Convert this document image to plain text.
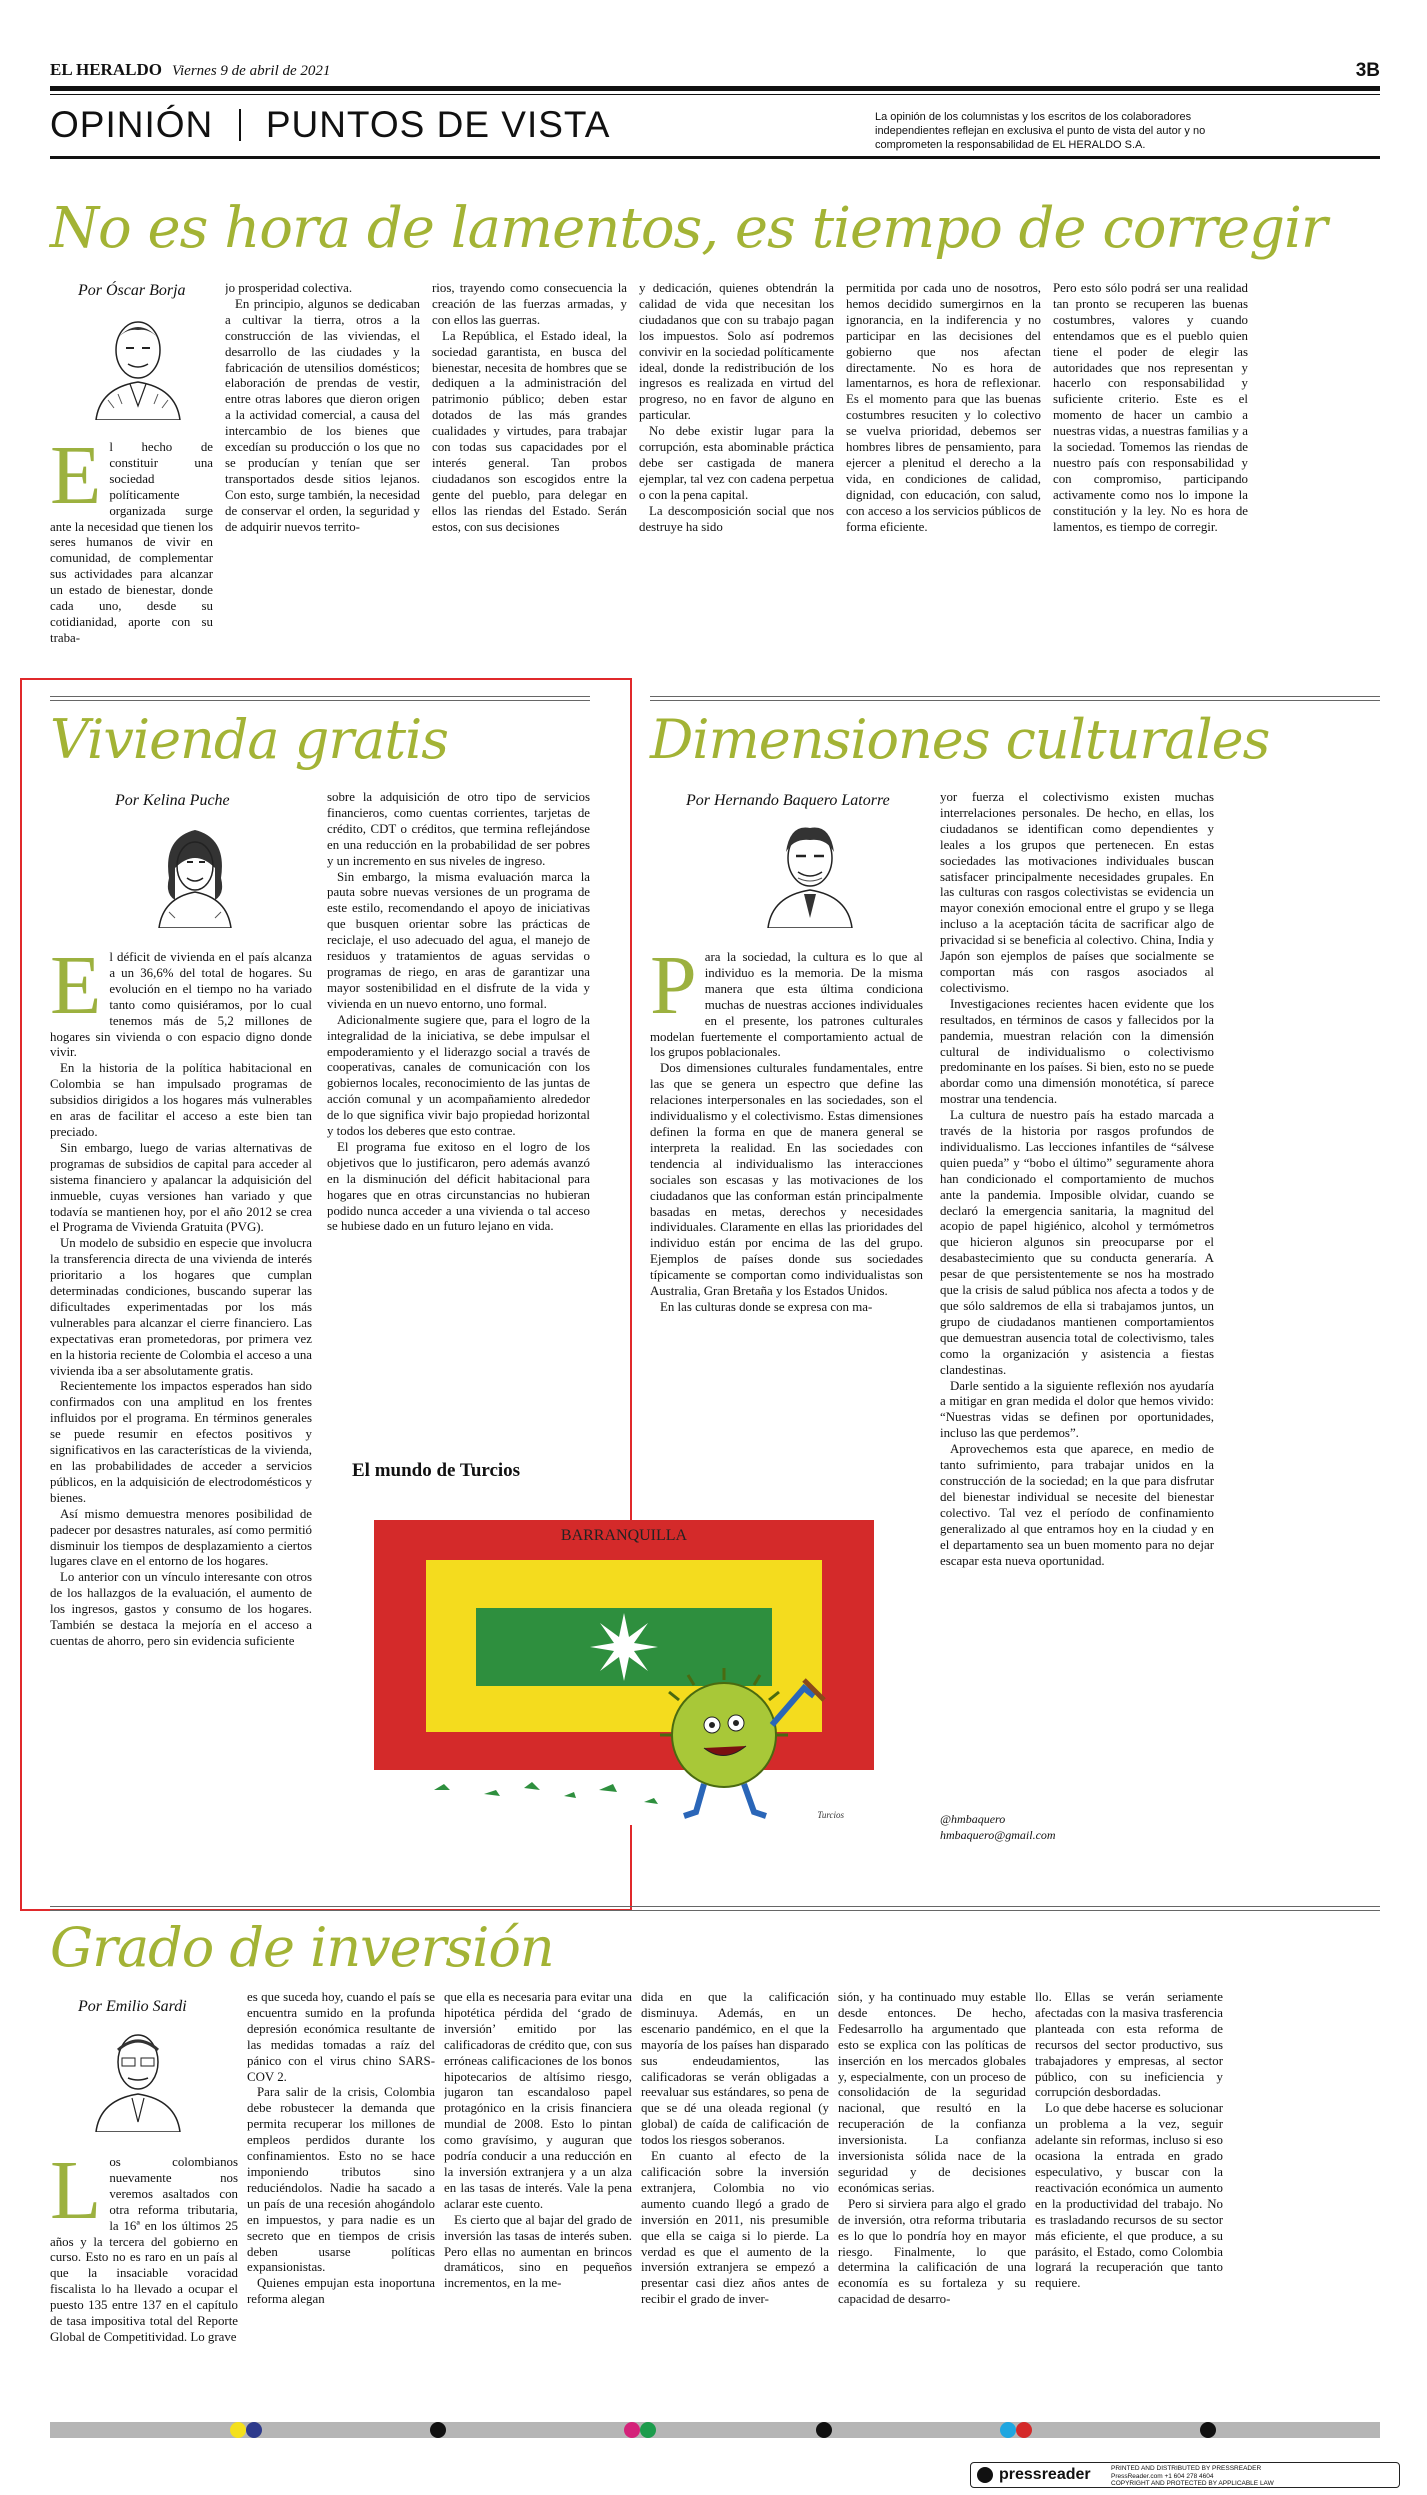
EL HERALDO Viernes 9 de abril de 2021	3B
OPINIÓN PUNTOS DE VISTA	La opinión de los columnistas y los escritos de los colaboradores independientes reflejan en exclusiva el punto de vista del autor y no comprometen la responsabilidad de EL HERALDO S.A.
No es hora de lamentos, es tiempo de corregir
Por Óscar Borja

El hecho de constituir una sociedad políticamente organizada surge ante la necesidad que tienen los seres humanos de vivir en comunidad, de complementar sus actividades para alcanzar un estado de bienestar, donde cada uno, desde su cotidianidad, aporte con su traba-

jo prosperidad colectiva.

En principio, algunos se dedicaban a cultivar la tierra, otros a la construcción de las viviendas, el desarrollo de las ciudades y la fabricación de utensilios domésticos; elaboración de prendas de vestir, entre otras labores que dieron origen a la actividad comercial, a causa del intercambio de los bienes que excedían su producción o los que no se producían y tenían que ser transportados desde sitios lejanos. Con esto, surge también, la necesidad de conservar el orden, la seguridad y de adquirir nuevos territo-

rios, trayendo como consecuencia la creación de las fuerzas armadas, y con ellos las guerras.

La República, el Estado ideal, la sociedad garantista, en busca del bienestar, necesita de hombres que se dediquen a la administración del patrimonio público; deben estar dotados de las más grandes cualidades y virtudes, para trabajar con todas sus capacidades por el interés general. Tan probos ciudadanos son escogidos entre la gente del pueblo, para delegar en ellos las riendas del Estado. Serán estos, con sus decisiones

y dedicación, quienes obtendrán la calidad de vida que necesitan los ciudadanos que con su trabajo pagan los impuestos. Solo así podremos convivir en la sociedad políticamente ideal, donde la redistribución de los ingresos es realizada en virtud del progreso, no en favor de alguno en particular.

No debe existir lugar para la corrupción, esta abominable práctica debe ser castigada de manera ejemplar, tal vez con cadena perpetua o con la pena capital.

La descomposición social que nos destruye ha sido

permitida por cada uno de nosotros, hemos decidido sumergirnos en la ignorancia, en la indiferencia y no participar en las decisiones del gobierno que nos afectan directamente. No es hora de lamentarnos, es hora de reflexionar. Es el momento para que las buenas costumbres resuciten y lo colectivo se vuelva prioridad, debemos ser hombres libres de pensamiento, para ejercer a plenitud el derecho a la vida, en condiciones de calidad, dignidad, con educación, con salud, con acceso a los servicios públicos de forma eficiente.

Pero esto sólo podrá ser una realidad tan pronto se recuperen las buenas costumbres, valores y cuando entendamos que es el pueblo quien tiene el poder de elegir las autoridades que nos representan y hacerlo con responsabilidad y suficiente criterio. Este es el momento de hacer un cambio a nuestras vidas, a nuestras familias y a la sociedad. Tomemos las riendas de nuestro país con responsabilidad y con compromiso, participando activamente como nos lo impone la constitución y la ley. No es hora de lamentos, es tiempo de corregir.

Vivienda gratis
Por Kelina Puche

El déficit de vivienda en el país alcanza a un 36,6% del total de hogares. Su evolución en el tiempo no ha variado tanto como quisiéramos, por lo cual tenemos más de 5,2 millones de hogares sin vivienda o con espacio digno donde vivir.

En la historia de la política habitacional en Colombia se han impulsado programas de subsidios dirigidos a los hogares más vulnerables en aras de facilitar el acceso a este bien tan preciado.

Sin embargo, luego de varias alternativas de programas de subsidios de capital para acceder al sistema financiero y apalancar la adquisición del inmueble, cuyas versiones han variado y que todavía se mantienen hoy, por el año 2012 se crea el Programa de Vivienda Gratuita (PVG).

Un modelo de subsidio en especie que involucra la transferencia directa de una vivienda de interés prioritario a los hogares que cumplan determinadas condiciones, buscando superar las dificultades experimentadas por los más vulnerables para alcanzar el cierre financiero. Las expectativas eran prometedoras, por primera vez en la historia reciente de Colombia el acceso a una vivienda iba a ser absolutamente gratis.

Recientemente los impactos esperados han sido confirmados con una amplitud en los frentes influidos por el programa. En términos generales se puede resumir en efectos positivos y significativos en las características de la vivienda, en las probabilidades de acceder a servicios públicos, en la adquisición de electrodomésticos y bienes.

Así mismo demuestra menores posibilidad de padecer por desastres naturales, así como permitió disminuir los tiempos de desplazamiento a ciertos lugares clave en el entorno de los hogares.

Lo anterior con un vínculo interesante con otros de los hallazgos de la evaluación, el aumento de los ingresos, gastos y consumo de los hogares. También se destaca la mejoría en el acceso a cuentas de ahorro, pero sin evidencia suficiente

sobre la adquisición de otro tipo de servicios financieros, como cuentas corrientes, tarjetas de crédito, CDT o créditos, que termina reflejándose en una reducción en la probabilidad de ser pobres y un incremento en sus niveles de ingreso.

Sin embargo, la misma evaluación marca la pauta sobre nuevas versiones de un programa de este estilo, recomendando el apoyo de iniciativas que busquen orientar sobre las prácticas de reciclaje, el uso adecuado del agua, el manejo de residuos y tratamientos de aguas servidas o programas de riego, en aras de garantizar una mayor sostenibilidad en el disfrute de la vida y vivienda en un nuevo entorno, uno formal.

Adicionalmente sugiere que, para el logro de la integralidad de la iniciativa, se debe impulsar el empoderamiento y el liderazgo social a través de cooperativas, canales de comunicación con los gobiernos locales, reconocimiento de las juntas de acción comunal y un acompañamiento alrededor de lo que significa vivir bajo propiedad horizontal y todos los deberes que esto contrae.

El programa fue exitoso en el logro de los objetivos que lo justificaron, pero además avanzó en la disminución del déficit habitacional para hogares que en otras circunstancias no hubieran podido nunca acceder a una vivienda o tal acceso se hubiese dado en un futuro lejano en vida.

El mundo de Turcios
BARRANQUILLA
Turcios
Dimensiones culturales
Por Hernando Baquero Latorre

Para la sociedad, la cultura es lo que al individuo es la memoria. De la misma manera que esta última condiciona muchas de nuestras acciones individuales en el presente, los patrones culturales modelan fuertemente el comportamiento actual de los grupos poblacionales.

Dos dimensiones culturales fundamentales, entre las que se genera un espectro que define las relaciones interpersonales en las sociedades, son el individualismo y el colectivismo. Estas dimensiones definen la forma en que de manera general se interpreta la realidad. En las sociedades con tendencia al individualismo las interacciones sociales son escasas y las motivaciones de los ciudadanos que las conforman están principalmente basadas en metas, derechos y necesidades individuales. Claramente en ellas las prioridades del individuo están por encima de las del grupo. Ejemplos de países donde sus sociedades típicamente se comportan como individualistas son Australia, Gran Bretaña y los Estados Unidos.

En las culturas donde se expresa con ma-

yor fuerza el colectivismo existen muchas interrelaciones personales. De hecho, en ellas, los ciudadanos se identifican como dependientes y leales a los grupos que pertenecen. En estas sociedades las motivaciones individuales buscan satisfacer principalmente necesidades grupales. En las culturas con rasgos colectivistas se evidencia un mayor conexión emocional entre el grupo y se llega incluso a la aceptación tácita de sacrificar algo de privacidad si se beneficia al colectivo. China, India y Japón son ejemplos de países que socialmente se comportan más con rasgos asociados al colectivismo.

Investigaciones recientes hacen evidente que los resultados, en términos de casos y fallecidos por la pandemia, muestran relación con la dimensión cultural de individualismo o colectivismo predominante en los países. Si bien, esto no se puede abordar como una dimensión monotética, sí parece mostrar una tendencia.

La cultura de nuestro país ha estado marcada a través de la historia por rasgos profundos de individualismo. Las lecciones infantiles de “sálvese quien pueda” y “bobo el último” seguramente ahora han condicionado el comportamiento de muchos ante la pandemia. Imposible olvidar, cuando se declaró la emergencia sanitaria, la magnitud del acopio de papel higiénico, alcohol y termómetros que hicieron algunos sin preocuparse por el desabastecimiento que su conducta generaría. A pesar de que persistentemente se nos ha mostrado que la crisis de salud pública nos afecta a todos y de que sólo saldremos de ella si trabajamos juntos, un grupo de ciudadanos mantienen comportamientos que demuestran ausencia total de colectivismo, tales como la organización y asistencia a fiestas clandestinas.

Darle sentido a la siguiente reflexión nos ayudaría a mitigar en gran medida el dolor que hemos vivido: “Nuestras vidas se definen por oportunidades, incluso las que perdemos”.

Aprovechemos esta que aparece, en medio de tanto sufrimiento, para trabajar unidos en la construcción de la sociedad; en la que para disfrutar del bienestar individual se necesite del bienestar colectivo. Tal vez el período de confinamiento generalizado al que entramos hoy en la ciudad y en el departamento sea un buen momento para no dejar escapar esta nueva oportunidad.

@hmbaquero
hmbaquero@gmail.com
Grado de inversión
Por Emilio Sardi

Los colombianos nuevamente nos veremos asaltados con otra reforma tributaria, la 16ª en los últimos 25 años y la tercera del gobierno en curso. Esto no es raro en un país al que la insaciable voracidad fiscalista lo ha llevado a ocupar el puesto 135 entre 137 en el capítulo de tasa impositiva total del Reporte Global de Competitividad. Lo grave

es que suceda hoy, cuando el país se encuentra sumido en la profunda depresión económica resultante de las medidas tomadas a raíz del pánico con el virus chino SARS-COV 2.

Para salir de la crisis, Colombia debe robustecer la demanda que permita recuperar los millones de empleos perdidos durante los confinamientos. Esto no se hace imponiendo tributos sino reduciéndolos. Nadie ha sacado a un país de una recesión ahogándolo en impuestos, y para nadie es un secreto que en tiempos de crisis deben usarse políticas expansionistas.

Quienes empujan esta inoportuna reforma alegan

que ella es necesaria para evitar una hipotética pérdida del ‘grado de inversión’ emitido por las calificadoras de crédito que, con sus erróneas calificaciones de los bonos hipotecarios de altísimo riesgo, jugaron tan escandaloso papel protagónico en la crisis financiera mundial de 2008. Esto lo pintan como gravísimo, y auguran que podría conducir a una reducción en la inversión extranjera y a un alza en las tasas de interés. Vale la pena aclarar este cuento.

Es cierto que al bajar del grado de inversión las tasas de interés suben. Pero ellas no aumentan en brincos dramáticos, sino en pequeños incrementos, en la me-

dida en que la calificación disminuya. Además, en un escenario pandémico, en el que la mayoría de los países han disparado sus endeudamientos, las calificadoras se verán obligadas a reevaluar sus estándares, so pena de que se dé una oleada regional (y global) de caída de calificación de todos los riesgos soberanos.

En cuanto al efecto de la calificación sobre la inversión extranjera, Colombia no vio aumento cuando llegó a grado de inversión en 2011, nis presumible que ella se caiga si lo pierde. La verdad es que el aumento de la inversión extranjera se empezó a presentar casi diez años antes de recibir el grado de inver-

sión, y ha continuado muy estable desde entonces. De hecho, Fedesarrollo ha argumentado que esto se explica con las políticas de inserción en los mercados globales y, especialmente, con un proceso de consolidación de la seguridad nacional, que resultó en la recuperación de la confianza inversionista. La confianza inversionista sólida nace de la seguridad y de decisiones económicas serias.

Pero si sirviera para algo el grado de inversión, otra reforma tributaria es lo que lo pondría hoy en mayor riesgo. Finalmente, lo que determina la calificación de una economía es su fortaleza y su capacidad de desarro-

llo. Ellas se verán seriamente afectadas con la masiva trasferencia planteada con esta reforma de recursos del sector productivo, sus trabajadores y empresas, al sector público, con su ineficiencia y corrupción desbordadas.

Lo que debe hacerse es solucionar un problema a la vez, seguir adelante sin reformas, incluso si eso ocasiona la entrada en grado especulativo, y buscar con la reactivación económica un aumento en la productividad del trabajo. No es trasladando recursos de su sector más eficiente, el que produce, a su parásito, el Estado, como Colombia logrará la recuperación que tanto requiere.

pressreader	PRINTED AND DISTRIBUTED BY PRESSREADER
PressReader.com +1 604 278 4604
COPYRIGHT AND PROTECTED BY APPLICABLE LAW
